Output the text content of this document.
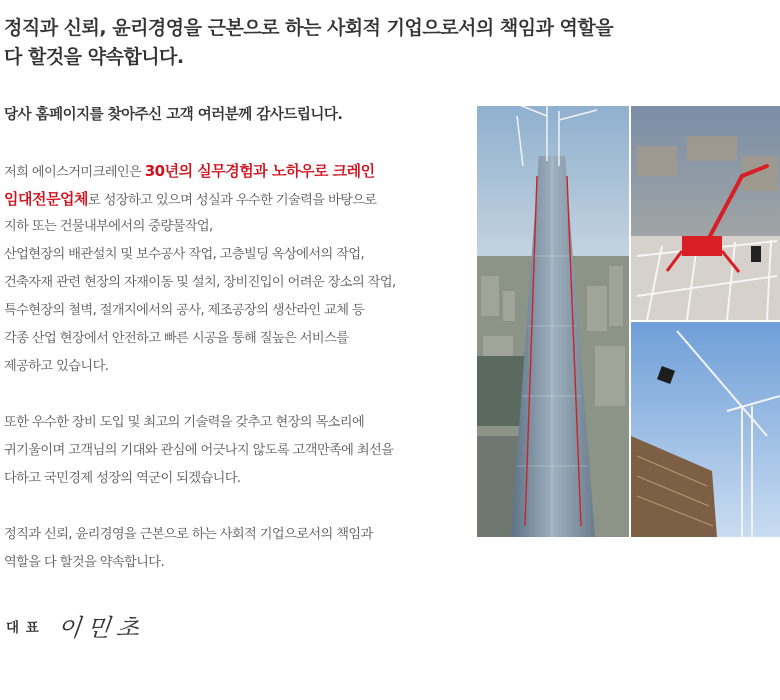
정직과 신뢰, 윤리경영을 근본으로 하는 사회적 기업으로서의 책임과 역할을
다 할것을 약속합니다.

당사 홈페이지를 찾아주신 고객 여러분께 감사드립니다.

저희 에이스거미크레인은 30년의 실무경험과 노하우로 크레인
임대전문업체로 성장하고 있으며 성실과 우수한 기술력을 바탕으로
지하 또는 건물내부에서의 중량물작업,
산업현장의 배관설치 및 보수공사 작업, 고층빌딩 옥상에서의 작업,
건축자재 관련 현장의 자재이동 및 설치, 장비진입이 어려운 장소의 작업,
특수현장의 철벽, 절개지에서의 공사, 제조공장의 생산라인 교체 등
각종 산업 현장에서 안전하고 빠른 시공을 통해 질높은 서비스를
제공하고 있습니다.
또한 우수한 장비 도입 및 최고의 기술력을 갖추고 현장의 목소리에
귀기울이며 고객님의 기대와 관심에 어긋나지 않도록 고객만족에 최선을
다하고 국민경제 성장의 역군이 되겠습니다.
정직과 신뢰, 윤리경영을 근본으로 하는 사회적 기업으로서의 책임과
역할을 다 할것을 약속합니다.
대 표 이민초
